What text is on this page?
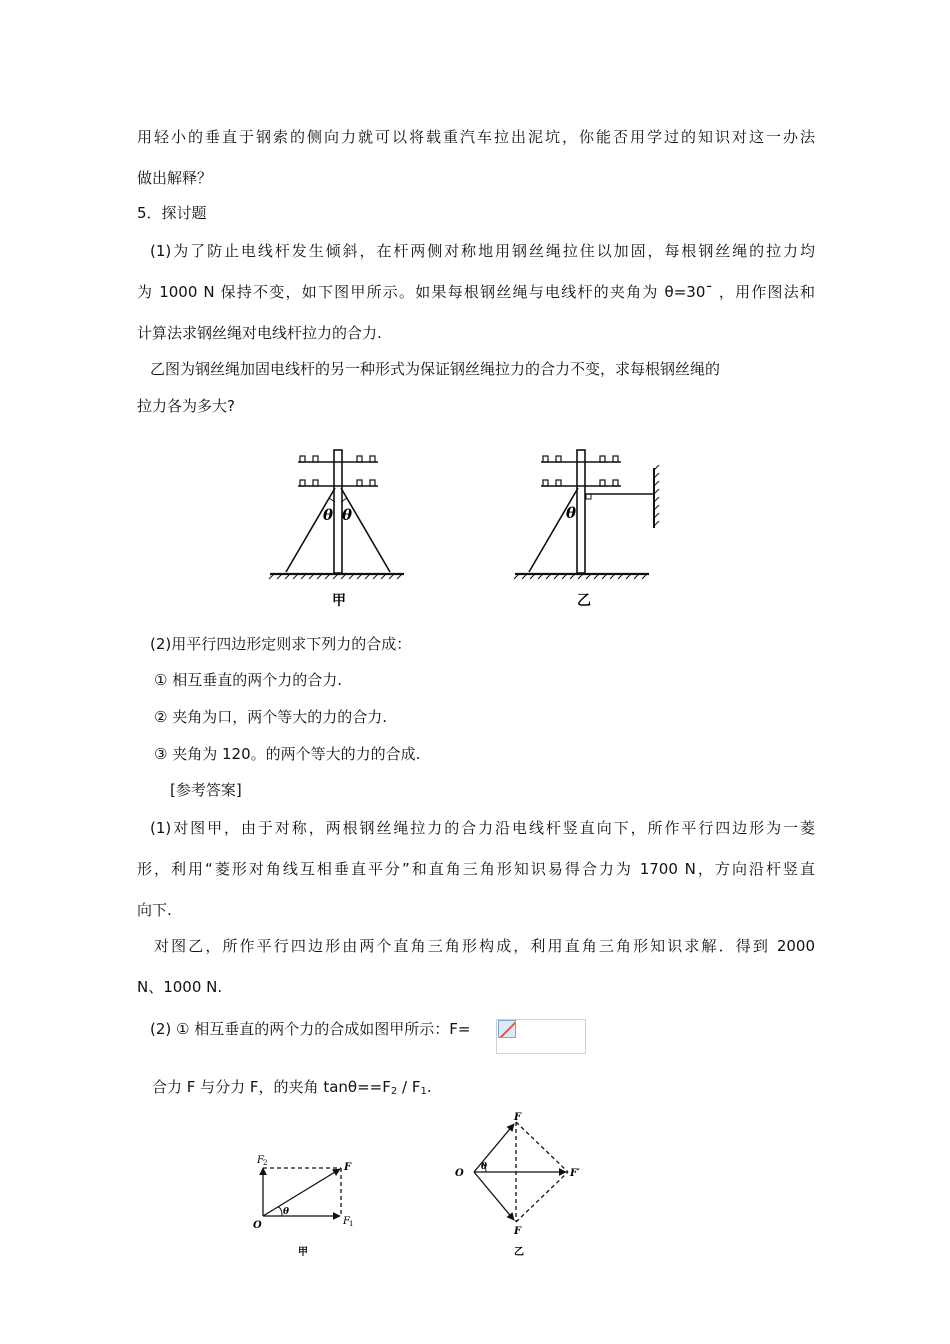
用轻小的垂直于钢索的侧向力就可以将载重汽车拉出泥坑，你能否用学过的知识对这一办法
做出解释？
5．探讨题
(1)为了防止电线杆发生倾斜，在杆两侧对称地用钢丝绳拉住以加固，每根钢丝绳的拉力均
为 1000 N 保持不变，如下图甲所示。如果每根钢丝绳与电线杆的夹角为 θ=30ˉ ，用作图法和
计算法求钢丝绳对电线杆拉力的合力.
乙图为钢丝绳加固电线杆的另一种形式为保证钢丝绳拉力的合力不变，求每根钢丝绳的
拉力各为多大?
θ θ
甲
θ
乙
(2)用平行四边形定则求下列力的合成：
① 相互垂直的两个力的合力.
② 夹角为口，两个等大的力的合力.
③ 夹角为 120。的两个等大的力的合成.
[参考答案]
(1)对图甲，由于对称，两根钢丝绳拉力的合力沿电线杆竖直向下，所作平行四边形为一菱
形，利用“菱形对角线互相垂直平分”和直角三角形知识易得合力为 1700 N，方向沿杆竖直
向下.
对图乙，所作平行四边形由两个直角三角形构成，利用直角三角形知识求解．得到 2000
N、1000 N.
(2) ① 相互垂直的两个力的合成如图甲所示：F=
合力 F 与分力 F，的夹角 $\tan\theta==F_2 / F_1$.
F 2	F
O
θ
F 1
甲
F
O
θ
F′
F
乙
